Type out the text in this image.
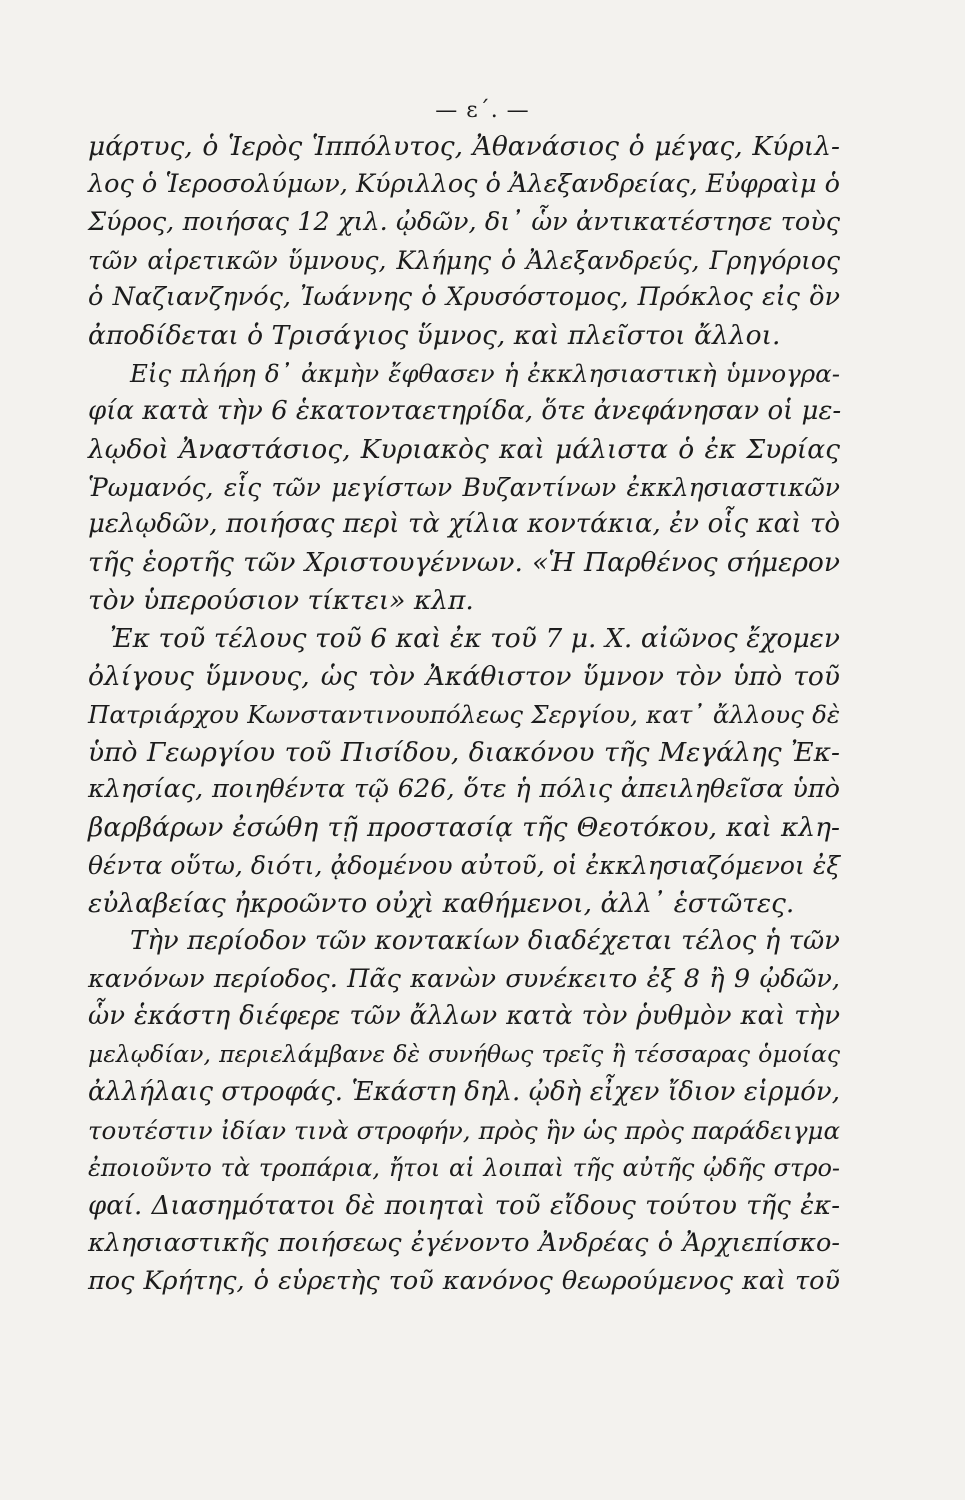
— ε΄. —
μάρτυς, ὁ Ἱερὸς Ἱππόλυτος, Ἀθανάσιος ὁ μέγας, Κύριλ-
λος ὁ Ἱεροσολύμων, Κύριλλος ὁ Ἀλεξανδρείας, Εὐφραὶμ ὁ
Σύρος, ποιήσας 12 χιλ. ᾠδῶν, δι᾽ ὧν ἀντικατέστησε τοὺς
τῶν αἱρετικῶν ὕμνους, Κλήμης ὁ Ἀλεξανδρεύς, Γρηγόριος
ὁ Ναζιανζηνός, Ἰωάννης ὁ Χρυσόστομος, Πρόκλος εἰς ὃν
ἀποδίδεται ὁ Τρισάγιος ὕμνος, καὶ πλεῖστοι ἄλλοι.
Εἰς πλήρη δ᾽ ἀκμὴν ἔφθασεν ἡ ἐκκλησιαστικὴ ὑμνογρα-
φία κατὰ τὴν 6 ἑκατονταετηρίδα, ὅτε ἀνεφάνησαν οἱ με-
λῳδοὶ Ἀναστάσιος, Κυριακὸς καὶ μάλιστα ὁ ἐκ Συρίας
Ῥωμανός, εἷς τῶν μεγίστων Βυζαντίνων ἐκκλησιαστικῶν
μελῳδῶν, ποιήσας περὶ τὰ χίλια κοντάκια, ἐν οἷς καὶ τὸ
τῆς ἑορτῆς τῶν Χριστουγέννων. «Ἡ Παρθένος σήμερον
τὸν ὑπερούσιον τίκτει» κλπ.
Ἐκ τοῦ τέλους τοῦ 6 καὶ ἐκ τοῦ 7 μ. Χ. αἰῶνος ἔχομεν
ὀλίγους ὕμνους, ὡς τὸν Ἀκάθιστον ὕμνον τὸν ὑπὸ τοῦ
Πατριάρχου Κωνσταντινουπόλεως Σεργίου, κατ᾽ ἄλλους δὲ
ὑπὸ Γεωργίου τοῦ Πισίδου, διακόνου τῆς Μεγάλης Ἐκ-
κλησίας, ποιηθέντα τῷ 626, ὅτε ἡ πόλις ἀπειληθεῖσα ὑπὸ
βαρβάρων ἐσώθη τῇ προστασίᾳ τῆς Θεοτόκου, καὶ κλη-
θέντα οὕτω, διότι, ᾀδομένου αὐτοῦ, οἱ ἐκκλησιαζόμενοι ἐξ
εὐλαβείας ἠκροῶντο οὐχὶ καθήμενοι, ἀλλ᾽ ἑστῶτες.
Τὴν περίοδον τῶν κοντακίων διαδέχεται τέλος ἡ τῶν
κανόνων περίοδος. Πᾶς κανὼν συνέκειτο ἐξ 8 ἢ 9 ᾠδῶν,
ὧν ἑκάστη διέφερε τῶν ἄλλων κατὰ τὸν ῥυθμὸν καὶ τὴν
μελῳδίαν, περιελάμβανε δὲ συνήθως τρεῖς ἢ τέσσαρας ὁμοίας
ἀλλήλαις στροφάς. Ἑκάστη δηλ. ᾠδὴ εἶχεν ἴδιον εἱρμόν,
τουτέστιν ἰδίαν τινὰ στροφήν, πρὸς ἣν ὡς πρὸς παράδειγμα
ἐποιοῦντο τὰ τροπάρια, ἤτοι αἱ λοιπαὶ τῆς αὐτῆς ᾠδῆς στρο-
φαί. Διασημότατοι δὲ ποιηταὶ τοῦ εἴδους τούτου τῆς ἐκ-
κλησιαστικῆς ποιήσεως ἐγένοντο Ἀνδρέας ὁ Ἀρχιεπίσκο-
πος Κρήτης, ὁ εὑρετὴς τοῦ κανόνος θεωρούμενος καὶ τοῦ
